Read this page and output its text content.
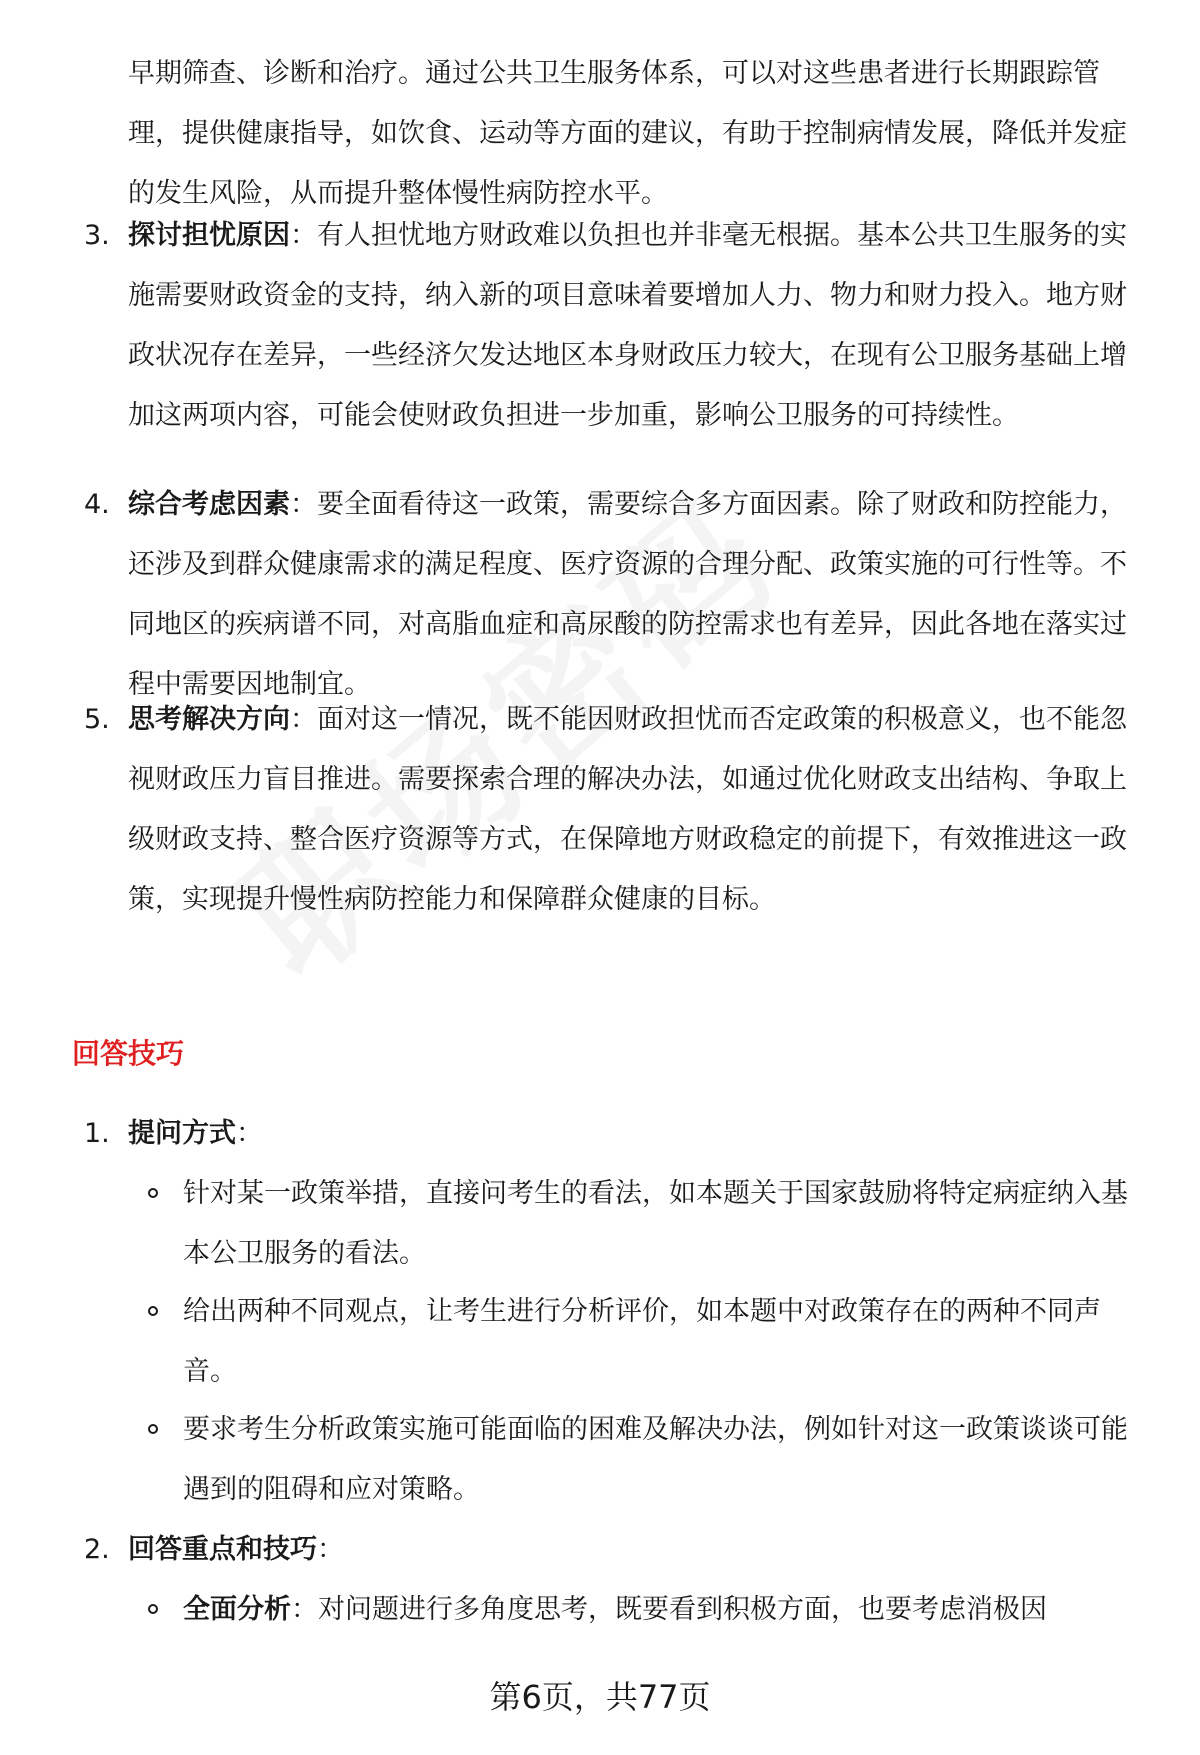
早期筛查、诊断和治疗。通过公共卫生服务体系，可以对这些患者进行长期跟踪管理，提供健康指导，如饮食、运动等方面的建议，有助于控制病情发展，降低并发症的发生风险，从而提升整体慢性病防控水平。
3. 探讨担忧原因：有人担忧地方财政难以负担也并非毫无根据。基本公共卫生服务的实施需要财政资金的支持，纳入新的项目意味着要增加人力、物力和财力投入。地方财政状况存在差异，一些经济欠发达地区本身财政压力较大，在现有公卫服务基础上增加这两项内容，可能会使财政负担进一步加重，影响公卫服务的可持续性。
4. 综合考虑因素：要全面看待这一政策，需要综合多方面因素。除了财政和防控能力，还涉及到群众健康需求的满足程度、医疗资源的合理分配、政策实施的可行性等。不同地区的疾病谱不同，对高脂血症和高尿酸的防控需求也有差异，因此各地在落实过程中需要因地制宜。
5. 思考解决方向：面对这一情况，既不能因财政担忧而否定政策的积极意义，也不能忽视财政压力盲目推进。需要探索合理的解决办法，如通过优化财政支出结构、争取上级财政支持、整合医疗资源等方式，在保障地方财政稳定的前提下，有效推进这一政策，实现提升慢性病防控能力和保障群众健康的目标。
回答技巧
1. 提问方式：
针对某一政策举措，直接问考生的看法，如本题关于国家鼓励将特定病症纳入基本公卫服务的看法。
给出两种不同观点，让考生进行分析评价，如本题中对政策存在的两种不同声音。
要求考生分析政策实施可能面临的困难及解决办法，例如针对这一政策谈谈可能遇到的阻碍和应对策略。
2. 回答重点和技巧：
全面分析：对问题进行多角度思考，既要看到积极方面，也要考虑消极因
第6页，共77页
